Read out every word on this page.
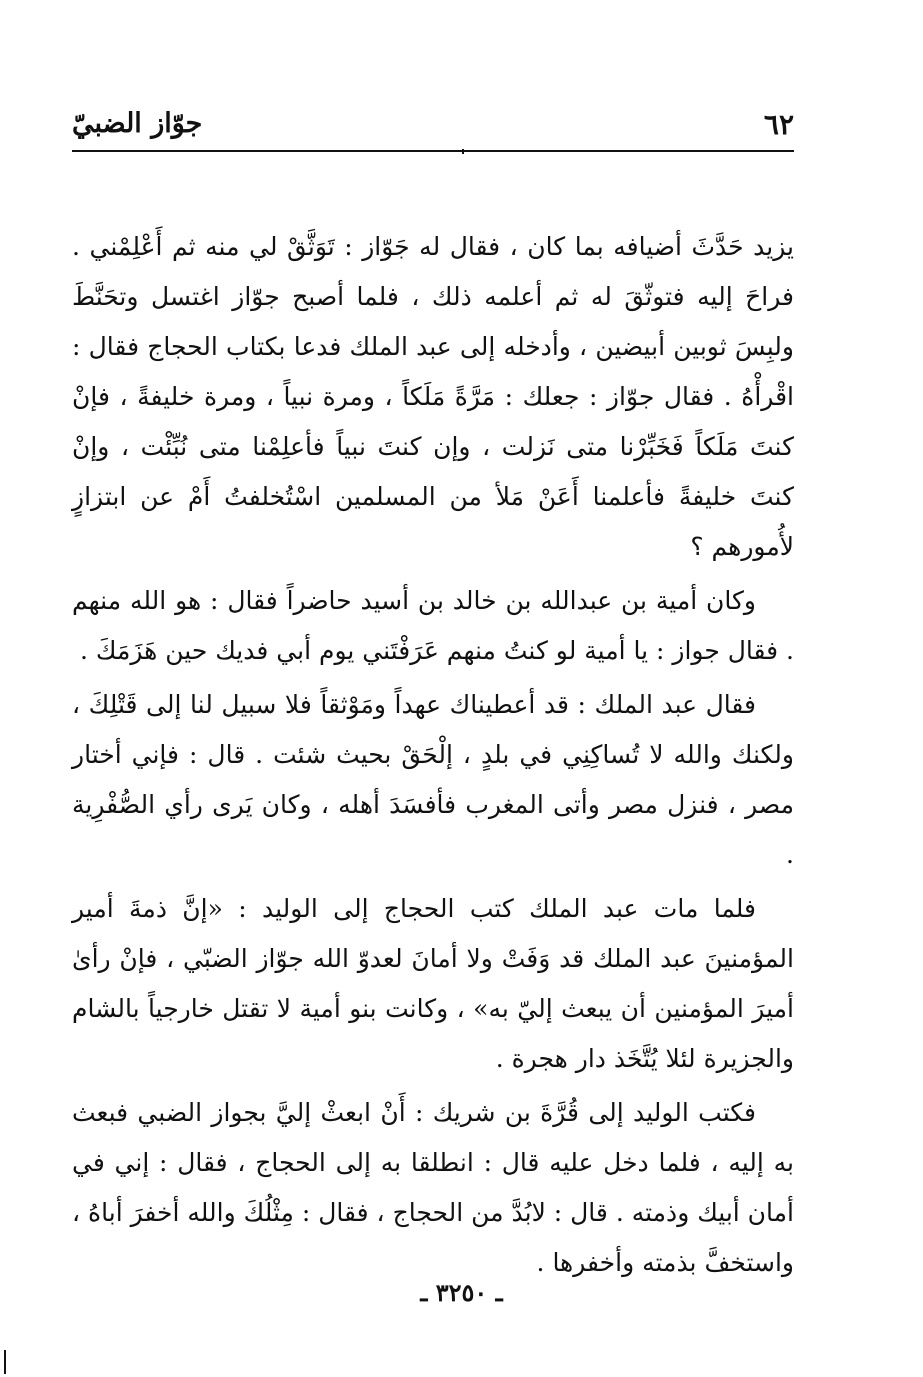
٦٢
جوّاز الضبيّ

يزيد حَدَّثَ أضيافه بما كان ، فقال له جَوّاز : تَوَثَّقْ لي منه ثم أَعْلِمْني . فراحَ إليه فتوثّقَ له ثم أعلمه ذلك ، فلما أصبح جوّاز اغتسل وتحَنَّطَ ولبِسَ ثوبين أبيضين ، وأدخله إلى عبد الملك فدعا بكتاب الحجاج فقال : اقْرأْهُ . فقال جوّاز : جعلك : مَرَّةً مَلَكاً ، ومرة نبياً ، ومرة خليفةً ، فإنْ كنتَ مَلَكاً فَخَبِّرْنا متى نَزلت ، وإن كنتَ نبياً فأعلِمْنا متى نُبِّئْت ، وإنْ كنتَ خليفةً فأعلمنا أَعَنْ مَلأ من المسلمين اسْتُخلفتُ أَمْ عن ابتزازٍ لأُمورهم ؟

وكان أمية بن عبدالله بن خالد بن أسيد حاضراً فقال : هو الله منهم . فقال جواز : يا أمية لو كنتُ منهم عَرَفْتَني يوم أبي فديك حين هَزَمَكَ .

فقال عبد الملك : قد أعطيناك عهداً ومَوْثقاً فلا سبيل لنا إلى قَتْلِكَ ، ولكنك والله لا تُساكِنِي في بلدٍ ، إلْحَقْ بحيث شئت . قال : فإني أختار مصر ، فنزل مصر وأتى المغرب فأفسَدَ أهله ، وكان يَرى رأي الصُّفْرِية .

فلما مات عبد الملك كتب الحجاج إلى الوليد : «إنَّ ذمةَ أمير المؤمنينَ عبد الملك قد وَفَتْ ولا أمانَ لعدوّ الله جوّاز الضبّي ، فإنْ رأىٰ أميرَ المؤمنين أن يبعث إليّ به» ، وكانت بنو أمية لا تقتل خارجياً بالشام والجزيرة لئلا يُتَّخَذ دار هجرة .

فكتب الوليد إلى قُرَّةَ بن شريك : أَنْ ابعثْ إليَّ بجواز الضبي فبعث به إليه ، فلما دخل عليه قال : انطلقا به إلى الحجاج ، فقال : إني في أمان أبيك وذمته . قال : لابُدَّ من الحجاج ، فقال : مِثْلُكَ والله أخفرَ أباهُ ، واستخفَّ بذمته وأخفرها .

ـ ٣٢٥٠ ـ
